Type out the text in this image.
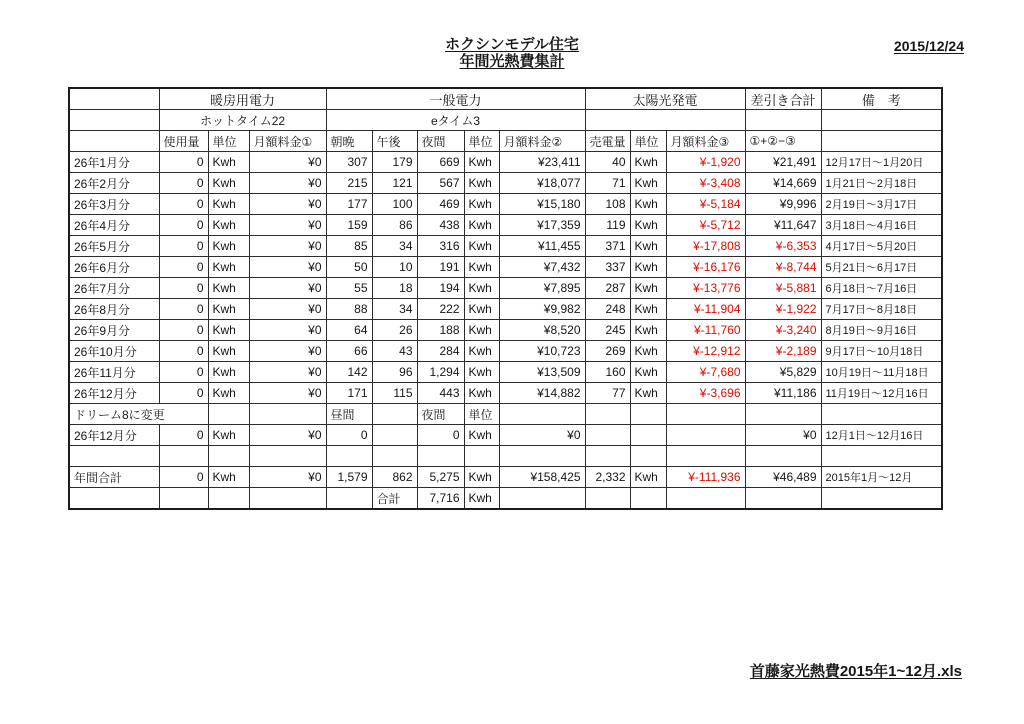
ホクシンモデル住宅
年間光熱費集計
2015/12/24
	暖房用電力			一般電力					太陽光発電			差引き合計	備　考
	ホットタイム22			eタイム3									
	使用量	単位	月額料金①	朝晩	午後	夜間	単位	月額料金②	売電量	単位	月額料金③	①+②−③	
26年1月分	0	Kwh	¥0	307	179	669	Kwh	¥23,411	40	Kwh	¥-1,920	¥21,491	12月17日～1月20日
26年2月分	0	Kwh	¥0	215	121	567	Kwh	¥18,077	71	Kwh	¥-3,408	¥14,669	1月21日～2月18日
26年3月分	0	Kwh	¥0	177	100	469	Kwh	¥15,180	108	Kwh	¥-5,184	¥9,996	2月19日～3月17日
26年4月分	0	Kwh	¥0	159	86	438	Kwh	¥17,359	119	Kwh	¥-5,712	¥11,647	3月18日～4月16日
26年5月分	0	Kwh	¥0	85	34	316	Kwh	¥11,455	371	Kwh	¥-17,808	¥-6,353	4月17日～5月20日
26年6月分	0	Kwh	¥0	50	10	191	Kwh	¥7,432	337	Kwh	¥-16,176	¥-8,744	5月21日～6月17日
26年7月分	0	Kwh	¥0	55	18	194	Kwh	¥7,895	287	Kwh	¥-13,776	¥-5,881	6月18日～7月16日
26年8月分	0	Kwh	¥0	88	34	222	Kwh	¥9,982	248	Kwh	¥-11,904	¥-1,922	7月17日～8月18日
26年9月分	0	Kwh	¥0	64	26	188	Kwh	¥8,520	245	Kwh	¥-11,760	¥-3,240	8月19日～9月16日
26年10月分	0	Kwh	¥0	66	43	284	Kwh	¥10,723	269	Kwh	¥-12,912	¥-2,189	9月17日～10月18日
26年11月分	0	Kwh	¥0	142	96	1,294	Kwh	¥13,509	160	Kwh	¥-7,680	¥5,829	10月19日～11月18日
26年12月分	0	Kwh	¥0	171	115	443	Kwh	¥14,882	77	Kwh	¥-3,696	¥11,186	11月19日～12月16日
ドリーム8に変更				昼間		夜間	単位						
26年12月分	0	Kwh	¥0	0		0	Kwh	¥0				¥0	12月1日～12月16日

年間合計	0	Kwh	¥0	1,579	862	5,275	Kwh	¥158,425	2,332	Kwh	¥-111,936	¥46,489	2015年1月～12月
					合計	7,716	Kwh						
首藤家光熱費2015年1~12月.xls
